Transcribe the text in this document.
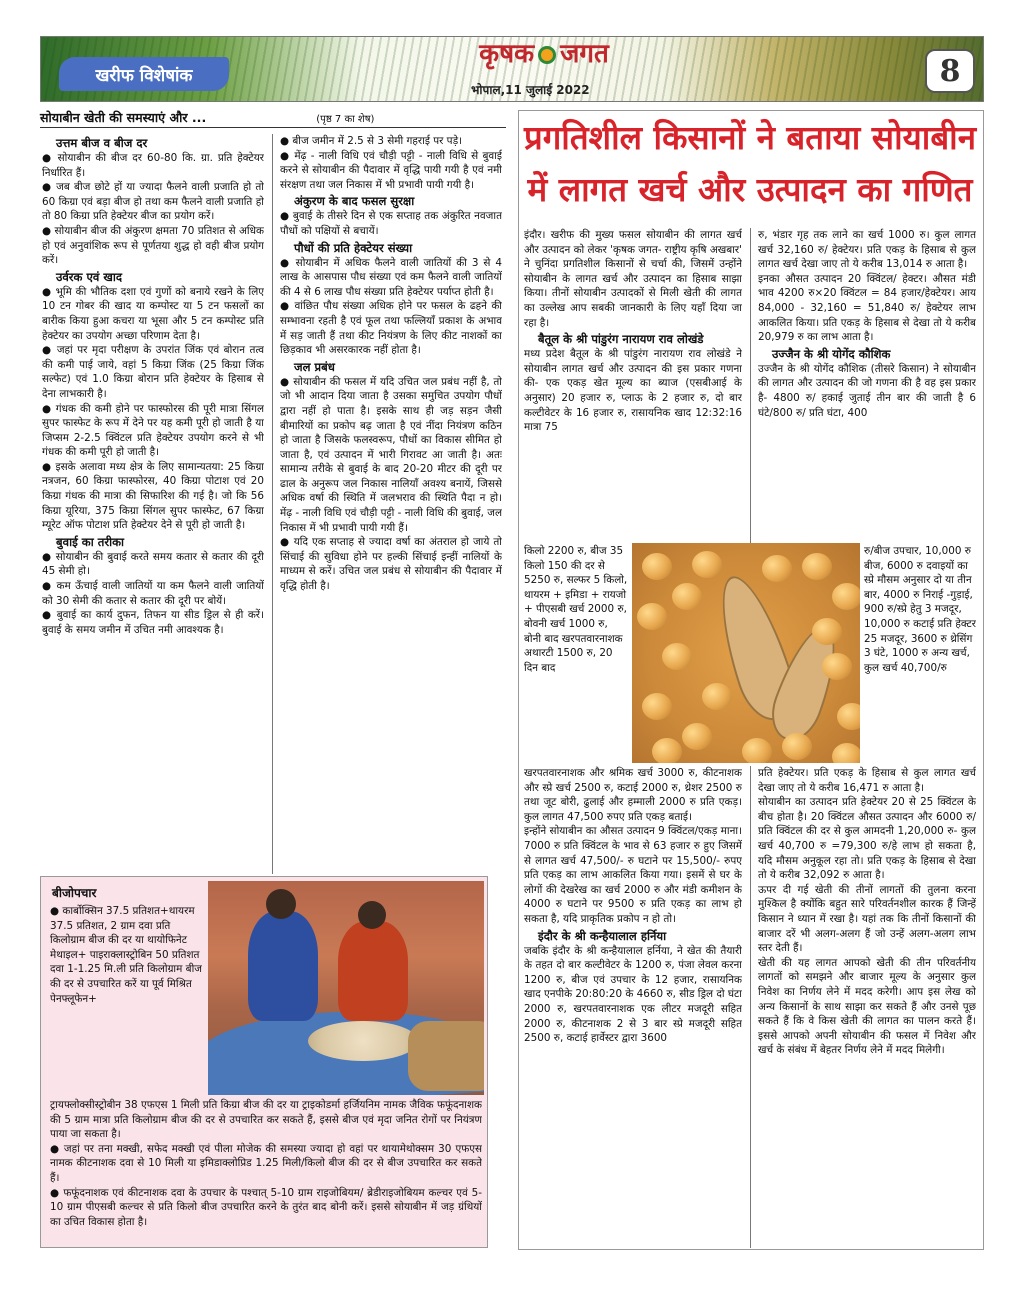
खरीफ विशेषांक
कृषक जगत
भोपाल,11 जुलाई 2022
8
सोयाबीन खेती की समस्याएं और ...	(पृष्ठ 7 का शेष)
उत्तम बीज व बीज दर

● सोयाबीन की बीज दर 60-80 कि. ग्रा. प्रति हेक्टेयर निर्धारित हैं।

● जब बीज छोटे हों या ज्यादा फैलने वाली प्रजाति हो तो 60 किग्रा एवं बड़ा बीज हो तथा कम फैलने वाली प्रजाति हो तो 80 किग्रा प्रति हेक्टेयर बीज का प्रयोग करें।

● सोयाबीन बीज की अंकुरण क्षमता 70 प्रतिशत से अधिक हो एवं अनुवांशिक रूप से पूर्णतया शुद्ध हो वही बीज प्रयोग करें।

उर्वरक एवं खाद

● भूमि की भौतिक दशा एवं गुणों को बनाये रखने के लिए 10 टन गोबर की खाद या कम्पोस्ट या 5 टन फसलों का बारीक किया हुआ कचरा या भूसा और 5 टन कम्पोस्ट प्रति हेक्टेयर का उपयोग अच्छा परिणाम देता है।

● जहां पर मृदा परीक्षण के उपरांत जिंक एवं बोरान तत्व की कमी पाई जाये, वहां 5 किग्रा जिंक (25 किग्रा जिंक सल्फेट) एवं 1.0 किग्रा बोरान प्रति हेक्टेयर के हिसाब से देना लाभकारी है।

● गंधक की कमी होने पर फास्फोरस की पूरी मात्रा सिंगल सुपर फास्फेट के रूप में देने पर यह कमी पूरी हो जाती है या जिप्सम 2-2.5 क्विंटल प्रति हेक्टेयर उपयोग करने से भी गंधक की कमी पूरी हो जाती है।

● इसके अलावा मध्य क्षेत्र के लिए सामान्यतया: 25 किग्रा नत्रजन, 60 किग्रा फास्फोरस, 40 किग्रा पोटाश एवं 20 किग्रा गंधक की मात्रा की सिफारिश की गई है। जो कि 56 किग्रा यूरिया, 375 किग्रा सिंगल सुपर फास्फेट, 67 किग्रा म्यूरेट ऑफ पोटाश प्रति हेक्टेयर देने से पूरी हो जाती है।

बुवाई का तरीका

● सोयाबीन की बुवाई करते समय कतार से कतार की दूरी 45 सेमी हो।

● कम ऊँचाई वाली जातियों या कम फैलने वाली जातियों को 30 सेमी की कतार से कतार की दूरी पर बोयें।

● बुवाई का कार्य दुफन, तिफन या सीड ड्रिल से ही करें। बुवाई के समय जमीन में उचित नमी आवश्यक है।

● बीज जमीन में 2.5 से 3 सेमी गहराई पर पड़े।

● मेंढ़ - नाली विधि एवं चौड़ी पट्टी - नाली विधि से बुवाई करने से सोयाबीन की पैदावार में वृद्धि पायी गयी है एवं नमी संरक्षण तथा जल निकास में भी प्रभावी पायी गयी है।

अंकुरण के बाद फसल सुरक्षा

● बुवाई के तीसरे दिन से एक सप्ताह तक अंकुरित नवजात पौधों को पक्षियों से बचायें।

पौधों की प्रति हेक्टेयर संख्या

● सोयाबीन में अधिक फैलने वाली जातियों की 3 से 4 लाख के आसपास पौध संख्या एवं कम फैलने वाली जातियों की 4 से 6 लाख पौध संख्या प्रति हेक्टेयर पर्याप्त होती है।

● वांछित पौध संख्या अधिक होने पर फसल के ढहने की सम्भावना रहती है एवं फूल तथा फल्लियाँ प्रकाश के अभाव में सड़ जाती हैं तथा कीट नियंत्रण के लिए कीट नाशकों का छिड़काव भी असरकारक नहीं होता है।

जल प्रबंध

● सोयाबीन की फसल में यदि उचित जल प्रबंध नहीं है, तो जो भी आदान दिया जाता है उसका समुचित उपयोग पौधों द्वारा नहीं हो पाता है। इसके साथ ही जड़ सड़न जैसी बीमारियों का प्रकोप बढ़ जाता है एवं नींदा नियंत्रण कठिन हो जाता है जिसके फलस्वरूप, पौधों का विकास सीमित हो जाता है, एवं उत्पादन में भारी गिरावट आ जाती है। अतः सामान्य तरीके से बुवाई के बाद 20-20 मीटर की दूरी पर ढाल के अनुरूप जल निकास नालियाँ अवश्य बनायें, जिससे अधिक वर्षा की स्थिति में जलभराव की स्थिति पैदा न हो। मेंढ़ - नाली विधि एवं चौड़ी पट्टी - नाली विधि की बुवाई, जल निकास में भी प्रभावी पायी गयी हैं।

● यदि एक सप्ताह से ज्यादा वर्षा का अंतराल हो जाये तो सिंचाई की सुविधा होने पर हल्की सिंचाई इन्हीं नालियों के माध्यम से करें। उचित जल प्रबंध से सोयाबीन की पैदावार में वृद्धि होती है।

बीजोपचार

● कार्बोक्सिन 37.5 प्रतिशत+थायरम 37.5 प्रतिशत, 2 ग्राम दवा प्रति किलोग्राम बीज की दर या थायोफिनेट मेथाइल+ पाइराक्लास्ट्रोबिन 50 प्रतिशत दवा 1-1.25 मि.ली प्रति किलोग्राम बीज की दर से उपचारित करें या पूर्व मिश्रित पेनफ्लूफेन+

ट्रायफ्लोक्सीस्ट्रोबीन 38 एफएस 1 मिली प्रति किग्रा बीज की दर या ट्राइकोडर्मा हर्जियनिम नामक जैविक फफूंदनाशक की 5 ग्राम मात्रा प्रति किलोग्राम बीज की दर से उपचारित कर सकते हैं, इससे बीज एवं मृदा जनित रोगों पर नियंत्रण पाया जा सकता है।

● जहां पर तना मक्खी, सफेद मक्खी एवं पीला मोजेक की समस्या ज्यादा हो वहां पर थायामेथोक्सम 30 एफएस नामक कीटनाशक दवा से 10 मिली या इमिडाक्लोप्रिड 1.25 मिली/किलो बीज की दर से बीज उपचारित कर सकते हैं।

● फफूंदनाशक एवं कीटनाशक दवा के उपचार के पश्चात् 5-10 ग्राम राइजोबियम/ ब्रेडीराइजोबियम कल्चर एवं 5-10 ग्राम पीएसबी कल्चर से प्रति किलो बीज उपचारित करने के तुरंत बाद बोनी करें। इससे सोयाबीन में जड़ ग्रंथियों का उचित विकास होता है।

प्रगतिशील किसानों ने बताया सोयाबीन
में लागत खर्च और उत्पादन का गणित

इंदौर। खरीफ की मुख्य फसल सोयाबीन की लागत खर्च और उत्पादन को लेकर 'कृषक जगत- राष्ट्रीय कृषि अखबार' ने चुनिंदा प्रगतिशील किसानों से चर्चा की, जिसमें उन्होंने सोयाबीन के लागत खर्च और उत्पादन का हिसाब साझा किया। तीनों सोयाबीन उत्पादकों से मिली खेती की लागत का उल्लेख आप सबकी जानकारी के लिए यहाँ दिया जा रहा है।

बैतूल के श्री पांडुरंग नारायण राव लोखंडे

मध्य प्रदेश बैतूल के श्री पांडुरंग नारायण राव लोखंडे ने सोयाबीन लागत खर्च और उत्पादन की इस प्रकार गणना की- एक एकड़ खेत मूल्य का ब्याज (एसबीआई के अनुसार) 20 हजार रु, प्लाऊ के 2 हजार रु, दो बार कल्टीवेटर के 16 हजार रु, रासायनिक खाद 12:32:16 मात्रा 75

किलो 2200 रु, बीज 35 किलो 150 की दर से 5250 रु, सल्फर 5 किलो, थायरम + इमिडा + रायजो + पीएसबी खर्च 2000 रु, बोवनी खर्च 1000 रु, बोनी बाद खरपतवारनाशक अथारटी 1500 रु, 20 दिन बाद

खरपतवारनाशक और श्रमिक खर्च 3000 रु, कीटनाशक और स्प्रे खर्च 2500 रु, कटाई 2000 रु, थ्रेशर 2500 रु तथा जूट बोरी, ढुलाई और हम्माली 2000 रु प्रति एकड़। कुल लागत 47,500 रुपए प्रति एकड़ बताई।

इन्होंने सोयाबीन का औसत उत्पादन 9 क्विंटल/एकड़ माना। 7000 रु प्रति क्विंटल के भाव से 63 हजार रु हुए जिसमें से लागत खर्च 47,500/- रु घटाने पर 15,500/- रुपए प्रति एकड़ का लाभ आकलित किया गया। इसमें से घर के लोगों की देखरेख का खर्च 2000 रु और मंडी कमीशन के 4000 रु घटाने पर 9500 रु प्रति एकड़ का लाभ हो सकता है, यदि प्राकृतिक प्रकोप न हो तो।

इंदौर के श्री कन्हैयालाल हर्निया

जबकि इंदौर के श्री कन्हैयालाल हर्निया, ने खेत की तैयारी के तहत दो बार कल्टीवेटर के 1200 रु, पंजा लेवल करना 1200 रु, बीज एवं उपचार के 12 हजार, रासायनिक खाद एनपीके 20:80:20 के 4660 रु, सीड ड्रिल दो घंटा 2000 रु, खरपतवारनाशक एक लीटर मजदूरी सहित 2000 रु, कीटनाशक 2 से 3 बार स्प्रे मजदूरी सहित 2500 रु, कटाई हार्वेस्टर द्वारा 3600

रु, भंडार गृह तक लाने का खर्च 1000 रु। कुल लागत खर्च 32,160 रु/ हेक्टेयर। प्रति एकड़ के हिसाब से कुल लागत खर्च देखा जाए तो ये करीब 13,014 रु आता है।

इनका औसत उत्पादन 20 क्विंटल/ हेक्टर। औसत मंडी भाव 4200 रु×20 क्विंटल = 84 हजार/हेक्टेयर। आय 84,000 - 32,160 = 51,840 रु/ हेक्टेयर लाभ आकलित किया। प्रति एकड़ के हिसाब से देखा तो ये करीब 20,979 रु का लाभ आता है।

उज्जैन के श्री योगेंद कौशिक

उज्जैन के श्री योगेंद कौशिक (तीसरे किसान) ने सोयाबीन की लागत और उत्पादन की जो गणना की है वह इस प्रकार है- 4800 रु/ हकाई जुताई तीन बार की जाती है 6 घंटे/800 रु/ प्रति घंटा, 400

रु/बीज उपचार, 10,000 रु बीज, 6000 रु दवाइयों का स्प्रे मौसम अनुसार दो या तीन बार, 4000 रु निराई -गुड़ाई, 900 रु/स्प्रे हेतु 3 मजदूर, 10,000 रु कटाई प्रति हेक्टर 25 मजदूर, 3600 रु थ्रेसिंग 3 घंटे, 1000 रु अन्य खर्च, कुल खर्च 40,700/रु

प्रति हेक्टेयर। प्रति एकड़ के हिसाब से कुल लागत खर्च देखा जाए तो ये करीब 16,471 रु आता है।

सोयाबीन का उत्पादन प्रति हेक्टेयर 20 से 25 क्विंटल के बीच होता है। 20 क्विंटल औसत उत्पादन और 6000 रु/प्रति क्विंटल की दर से कुल आमदनी 1,20,000 रु- कुल खर्च 40,700 रु =79,300 रु/हे लाभ हो सकता है, यदि मौसम अनुकूल रहा तो। प्रति एकड़ के हिसाब से देखा तो ये करीब 32,092 रु आता है।

ऊपर दी गई खेती की तीनों लागतों की तुलना करना मुश्किल है क्योंकि बहुत सारे परिवर्तनशील कारक हैं जिन्हें किसान ने ध्यान में रखा है। यहां तक कि तीनों किसानों की बाजार दरें भी अलग-अलग हैं जो उन्हें अलग-अलग लाभ स्तर देती हैं।

खेती की यह लागत आपको खेती की तीन परिवर्तनीय लागतों को समझने और बाजार मूल्य के अनुसार कुल निवेश का निर्णय लेने में मदद करेगी। आप इस लेख को अन्य किसानों के साथ साझा कर सकते हैं और उनसे पूछ सकते हैं कि वे किस खेती की लागत का पालन करते हैं। इससे आपको अपनी सोयाबीन की फसल में निवेश और खर्च के संबंध में बेहतर निर्णय लेने में मदद मिलेगी।
